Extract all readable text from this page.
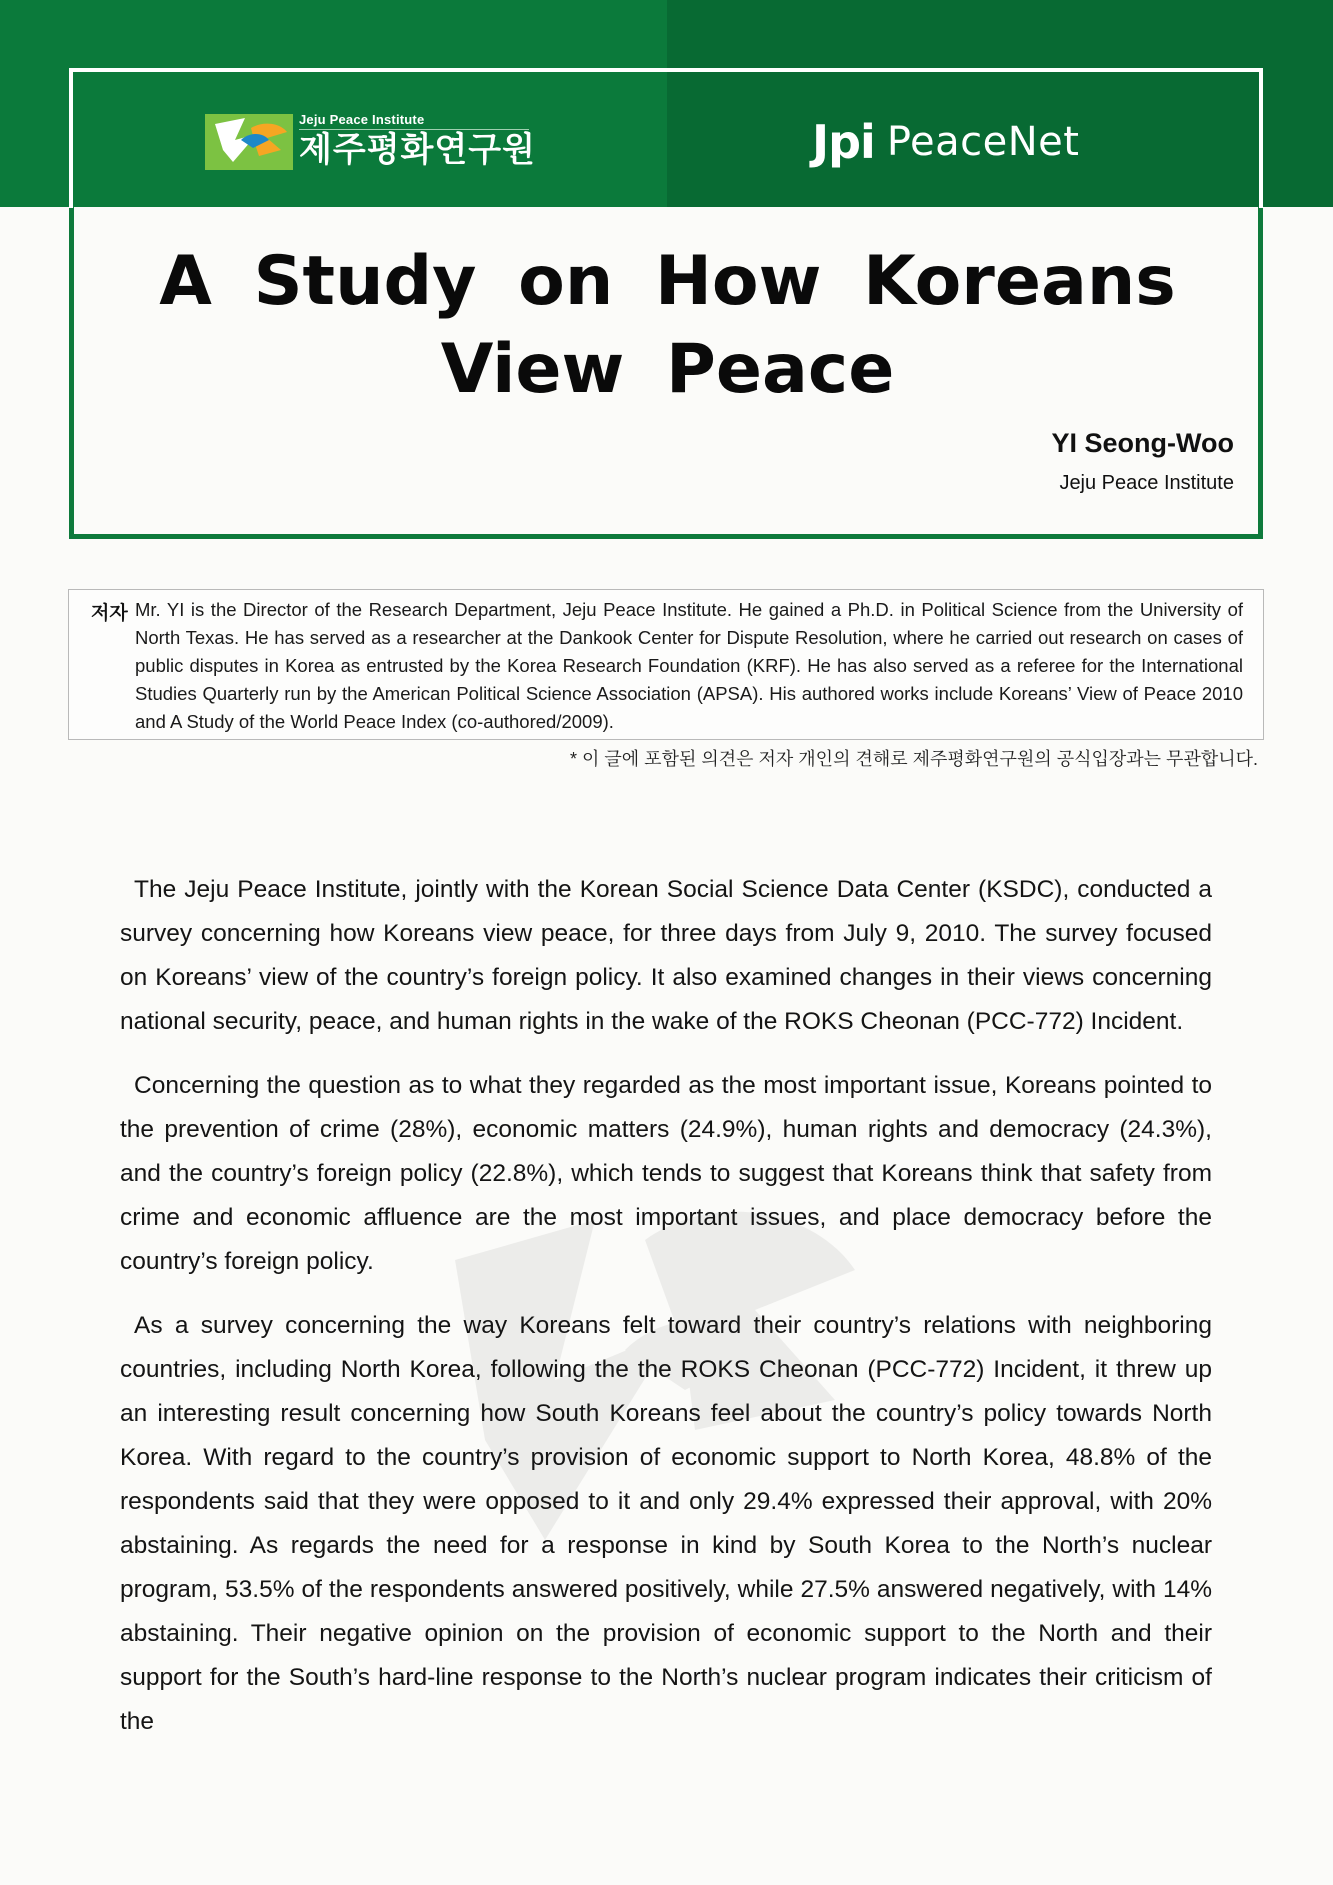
Jeju Peace Institute
제주평화연구원	Jpi PeaceNet
A Study on How Koreans View Peace
YI Seong-Woo
Jeju Peace Institute
저자 Mr. YI is the Director of the Research Department, Jeju Peace Institute. He gained a Ph.D. in Political Science from the University of North Texas. He has served as a researcher at the Dankook Center for Dispute Resolution, where he carried out research on cases of public disputes in Korea as entrusted by the Korea Research Foundation (KRF). He has also served as a referee for the International Studies Quarterly run by the American Political Science Association (APSA). His authored works include Koreans’ View of Peace 2010 and A Study of the World Peace Index (co-authored/2009).
* 이 글에 포함된 의견은 저자 개인의 견해로 제주평화연구원의 공식입장과는 무관합니다.

The Jeju Peace Institute, jointly with the Korean Social Science Data Center (KSDC), conducted a survey concerning how Koreans view peace, for three days from July 9, 2010. The survey focused on Koreans’ view of the country’s foreign policy. It also examined changes in their views concerning national security, peace, and human rights in the wake of the ROKS Cheonan (PCC-772) Incident.

Concerning the question as to what they regarded as the most important issue, Koreans pointed to the prevention of crime (28%), economic matters (24.9%), human rights and democracy (24.3%), and the country’s foreign policy (22.8%), which tends to suggest that Koreans think that safety from crime and economic affluence are the most important issues, and place democracy before the country’s foreign policy.

As a survey concerning the way Koreans felt toward their country’s relations with neighboring countries, including North Korea, following the the ROKS Cheonan (PCC-772) Incident, it threw up an interesting result concerning how South Koreans feel about the country’s policy towards North Korea. With regard to the country’s provision of economic support to North Korea, 48.8% of the respondents said that they were opposed to it and only 29.4% expressed their approval, with 20% abstaining. As regards the need for a response in kind by South Korea to the North’s nuclear program, 53.5% of the respondents answered positively, while 27.5% answered negatively, with 14% abstaining. Their negative opinion on the provision of economic support to the North and their support for the South’s hard-line response to the North’s nuclear program indicates their criticism of the
